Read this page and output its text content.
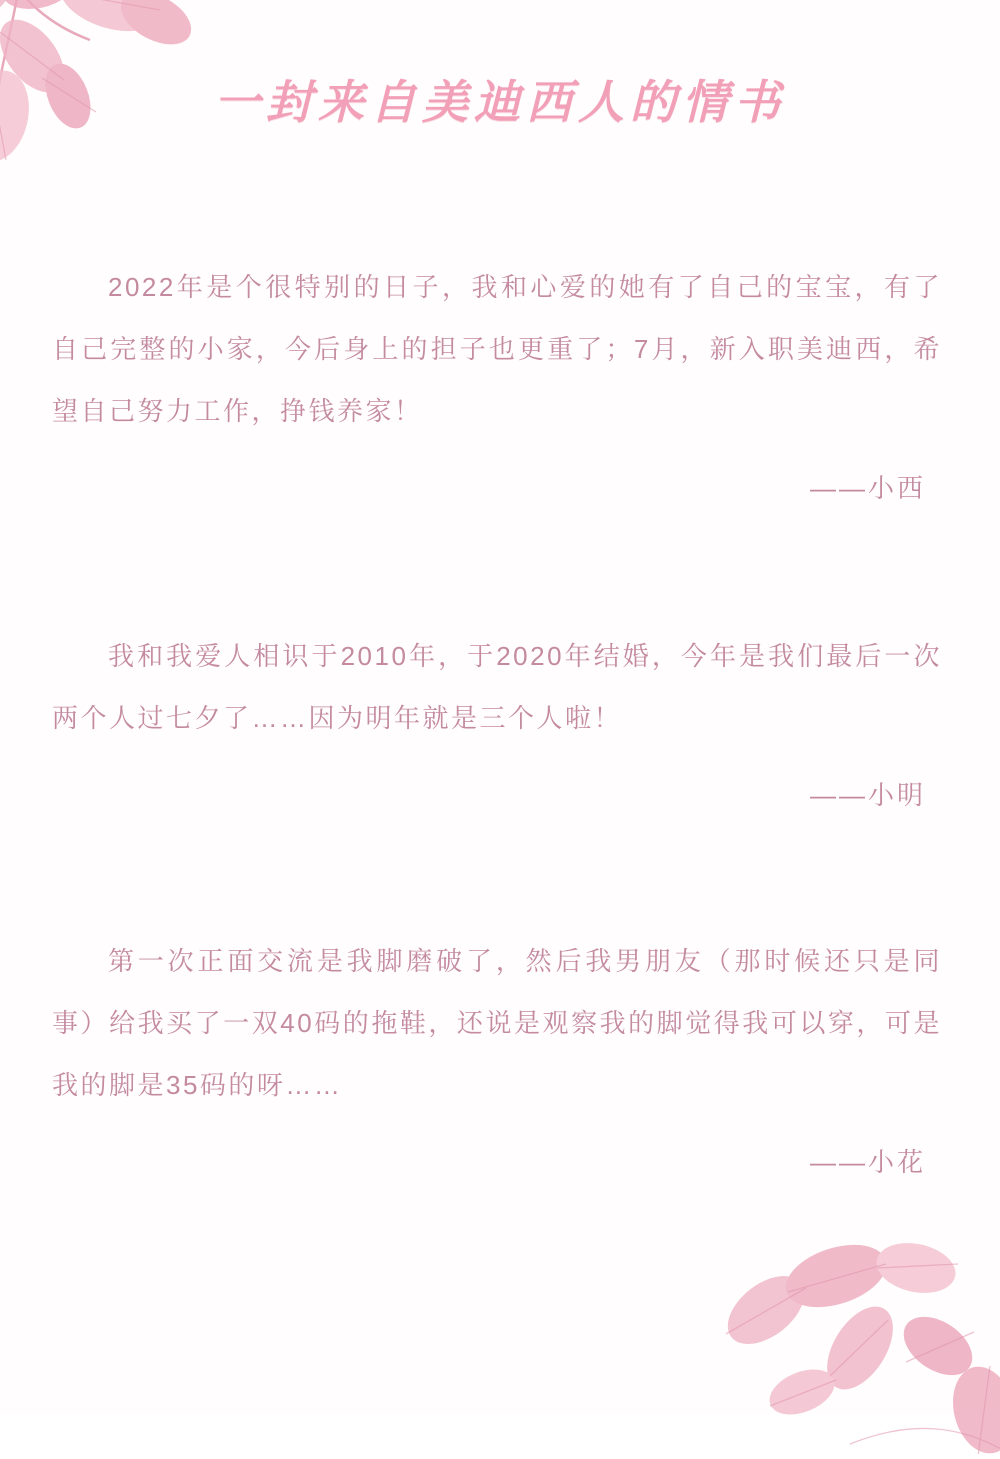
一封来自美迪西人的情书

2022年是个很特别的日子，我和心爱的她有了自己的宝宝，有了自己完整的小家，今后身上的担子也更重了；7月，新入职美迪西，希望自己努力工作，挣钱养家！

——小西

我和我爱人相识于2010年，于2020年结婚，今年是我们最后一次两个人过七夕了……因为明年就是三个人啦！

——小明

第一次正面交流是我脚磨破了，然后我男朋友（那时候还只是同事）给我买了一双40码的拖鞋，还说是观察我的脚觉得我可以穿，可是我的脚是35码的呀……

——小花
